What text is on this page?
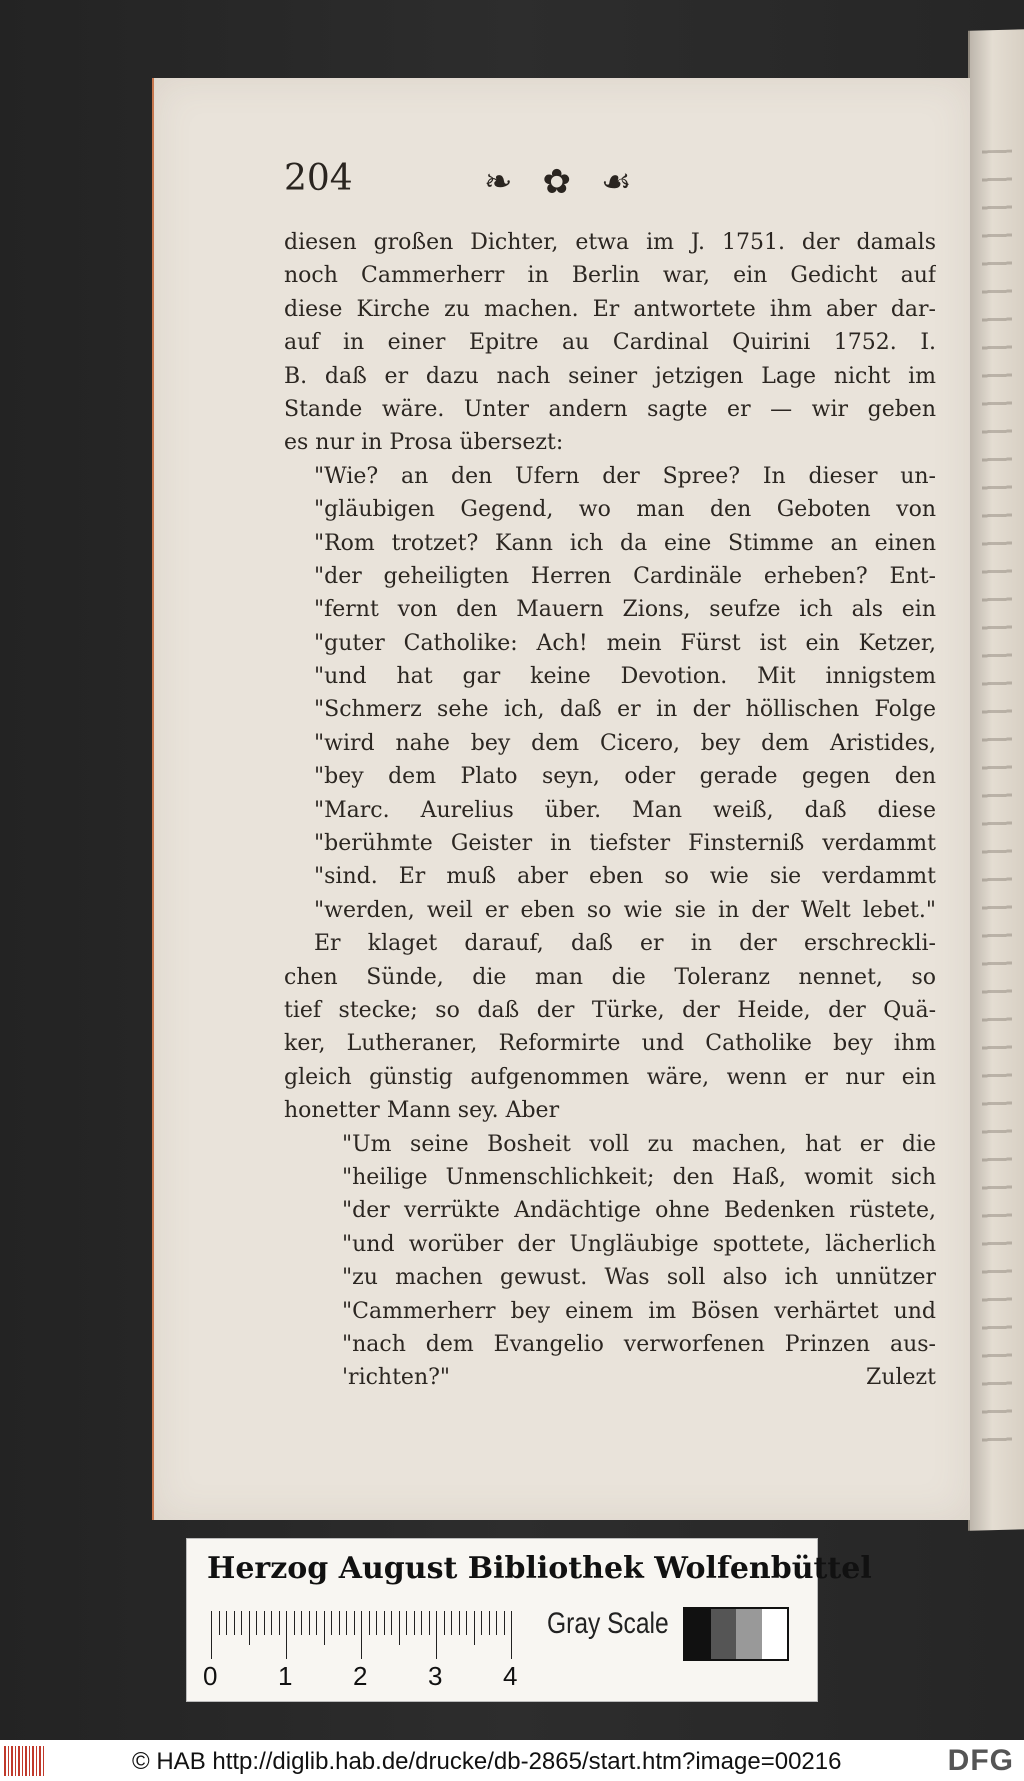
204	❧ ✿ ☙
diesen großen Dichter, etwa im J. 1751. der damals
noch Cammerherr in Berlin war, ein Gedicht auf
diese Kirche zu machen. Er antwortete ihm aber dar-
auf in einer Epitre au Cardinal Quirini 1752. I.
B. daß er dazu nach seiner jetzigen Lage nicht im
Stande wäre. Unter andern sagte er — wir geben
es nur in Prosa übersezt:
"Wie? an den Ufern der Spree? In dieser un-
"gläubigen Gegend, wo man den Geboten von
"Rom trotzet? Kann ich da eine Stimme an einen
"der geheiligten Herren Cardinäle erheben? Ent-
"fernt von den Mauern Zions, seufze ich als ein
"guter Catholike: Ach! mein Fürst ist ein Ketzer,
"und hat gar keine Devotion. Mit innigstem
"Schmerz sehe ich, daß er in der höllischen Folge
"wird nahe bey dem Cicero, bey dem Aristides,
"bey dem Plato seyn, oder gerade gegen den
"Marc. Aurelius über. Man weiß, daß diese
"berühmte Geister in tiefster Finsterniß verdammt
"sind. Er muß aber eben so wie sie verdammt
"werden, weil er eben so wie sie in der Welt lebet."
Er klaget darauf, daß er in der erschreckli-
chen Sünde, die man die Toleranz nennet, so
tief stecke; so daß der Türke, der Heide, der Quä-
ker, Lutheraner, Reformirte und Catholike bey ihm
gleich günstig aufgenommen wäre, wenn er nur ein
honetter Mann sey. Aber
"Um seine Bosheit voll zu machen, hat er die
"heilige Unmenschlichkeit; den Haß, womit sich
"der verrükte Andächtige ohne Bedenken rüstete,
"und worüber der Ungläubige spottete, lächerlich
"zu machen gewust. Was soll also ich unnützer
"Cammerherr bey einem im Bösen verhärtet und
"nach dem Evangelio verworfenen Prinzen aus-
'richten?"	Zulezt
Herzog August Bibliothek Wolfenbüttel
0 1 2 3 4
Gray Scale
© HAB http://diglib.hab.de/drucke/db-2865/start.htm?image=00216	DFG
